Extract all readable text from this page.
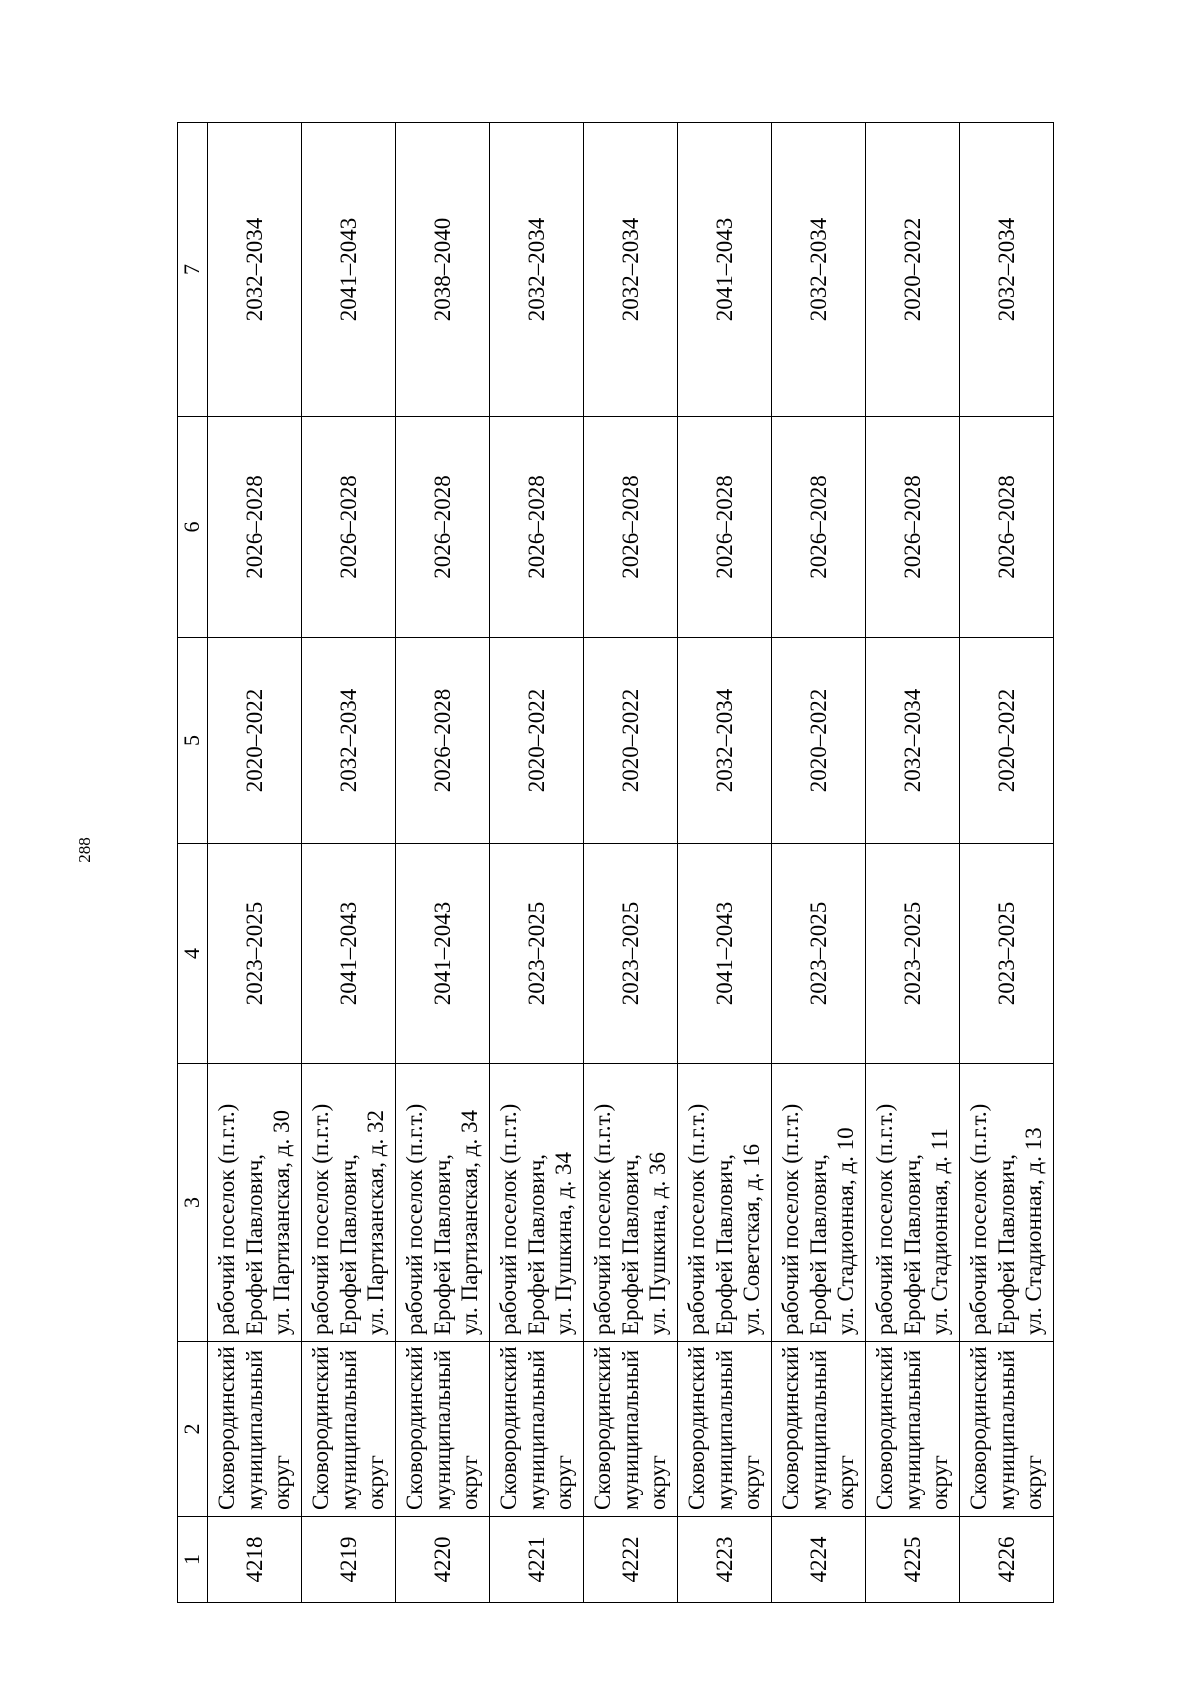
288
1	2	3	4	5	6	7
4218	Сковородинский муниципальный округ	рабочий поселок (п.г.т.) Ерофей Павлович, ул. Партизанская, д. 30	2023–2025	2020–2022	2026–2028	2032–2034
4219	Сковородинский муниципальный округ	рабочий поселок (п.г.т.) Ерофей Павлович, ул. Партизанская, д. 32	2041–2043	2032–2034	2026–2028	2041–2043
4220	Сковородинский муниципальный округ	рабочий поселок (п.г.т.) Ерофей Павлович, ул. Партизанская, д. 34	2041–2043	2026–2028	2026–2028	2038–2040
4221	Сковородинский муниципальный округ	рабочий поселок (п.г.т.) Ерофей Павлович, ул. Пушкина, д. 34	2023–2025	2020–2022	2026–2028	2032–2034
4222	Сковородинский муниципальный округ	рабочий поселок (п.г.т.) Ерофей Павлович, ул. Пушкина, д. 36	2023–2025	2020–2022	2026–2028	2032–2034
4223	Сковородинский муниципальный округ	рабочий поселок (п.г.т.) Ерофей Павлович, ул. Советская, д. 16	2041–2043	2032–2034	2026–2028	2041–2043
4224	Сковородинский муниципальный округ	рабочий поселок (п.г.т.) Ерофей Павлович, ул. Стадионная, д. 10	2023–2025	2020–2022	2026–2028	2032–2034
4225	Сковородинский муниципальный округ	рабочий поселок (п.г.т.) Ерофей Павлович, ул. Стадионная, д. 11	2023–2025	2032–2034	2026–2028	2020–2022
4226	Сковородинский муниципальный округ	рабочий поселок (п.г.т.) Ерофей Павлович, ул. Стадионная, д. 13	2023–2025	2020–2022	2026–2028	2032–2034
